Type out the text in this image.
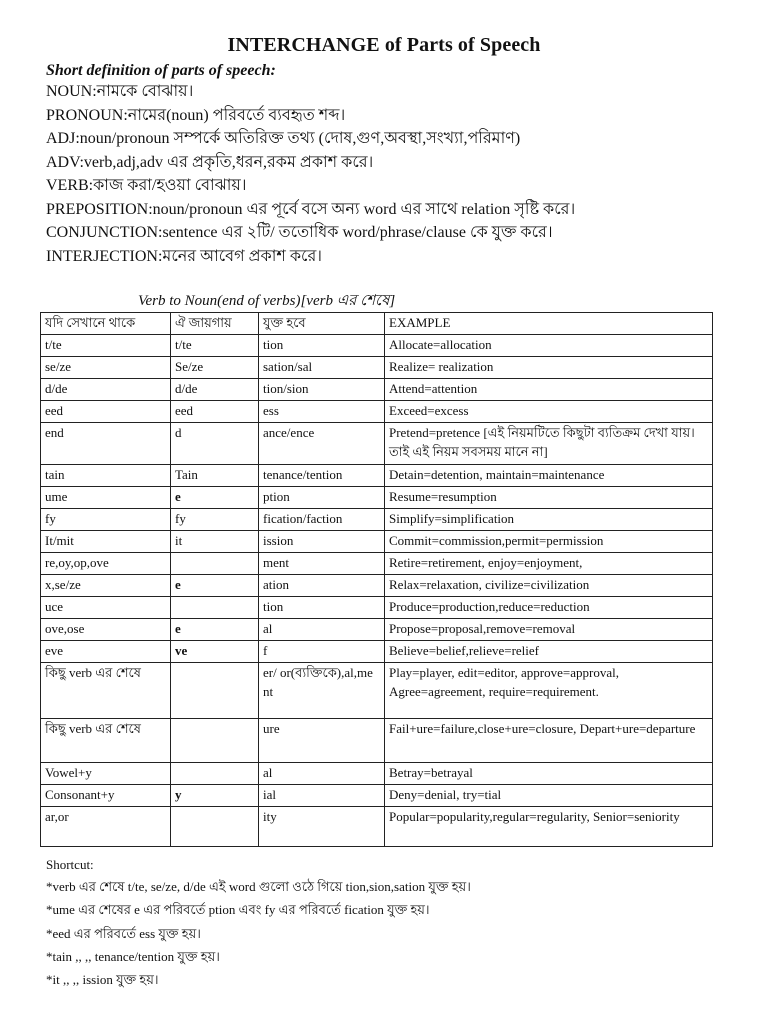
INTERCHANGE of Parts of Speech
Short definition of parts of speech:
NOUN:নামকে বোঝায়।
PRONOUN:নামের(noun) পরিবর্তে ব্যবহৃত শব্দ।
ADJ:noun/pronoun সম্পর্কে অতিরিক্ত তথ্য (দোষ,গুণ,অবস্থা,সংখ্যা,পরিমাণ)
ADV:verb,adj,adv এর প্রকৃতি,ধরন,রকম প্রকাশ করে।
VERB:কাজ করা/হওয়া বোঝায়।
PREPOSITION:noun/pronoun এর পূর্বে বসে অন্য word এর সাথে relation সৃষ্টি করে।
CONJUNCTION:sentence এর ২টি/ ততোধিক word/phrase/clause কে যুক্ত করে।
INTERJECTION:মনের আবেগ প্রকাশ করে।
Verb to Noun(end of verbs)[verb এর শেষে]
যদি সেখানে থাকে	ঐ জায়গায়	যুক্ত হবে	EXAMPLE
t/te	t/te	tion	Allocate=allocation
se/ze	Se/ze	sation/sal	Realize= realization
d/de	d/de	tion/sion	Attend=attention
eed	eed	ess	Exceed=excess
end	d	ance/ence	Pretend=pretence [এই নিয়মটিতে কিছুটা ব্যতিক্রম দেখা যায়। তাই এই নিয়ম সবসময় মানে না]
tain	Tain	tenance/tention	Detain=detention, maintain=maintenance
ume	e	ption	Resume=resumption
fy	fy	fication/faction	Simplify=simplification
It/mit	it	ission	Commit=commission,permit=permission
re,oy,op,ove		ment	Retire=retirement, enjoy=enjoyment,
x,se/ze	e	ation	Relax=relaxation, civilize=civilization
uce		tion	Produce=production,reduce=reduction
ove,ose	e	al	Propose=proposal,remove=removal
eve	ve	f	Believe=belief,relieve=relief
কিছু verb এর শেষে		er/ or(ব্যক্তিকে),al,me nt	Play=player, edit=editor, approve=approval, Agree=agreement, require=requirement.
কিছু verb এর শেষে		ure	Fail+ure=failure,close+ure=closure, Depart+ure=departure
Vowel+y		al	Betray=betrayal
Consonant+y	y	ial	Deny=denial, try=tial
ar,or		ity	Popular=popularity,regular=regularity, Senior=seniority
Shortcut:
*verb এর শেষে t/te, se/ze, d/de এই word গুলো ওঠে গিয়ে tion,sion,sation যুক্ত হয়।
*ume এর শেষের e এর পরিবর্তে ption এবং fy এর পরিবর্তে fication যুক্ত হয়।
*eed এর পরিবর্তে ess যুক্ত হয়।
*tain ,, ,, tenance/tention যুক্ত হয়।
*it ,, ,, ission যুক্ত হয়।
